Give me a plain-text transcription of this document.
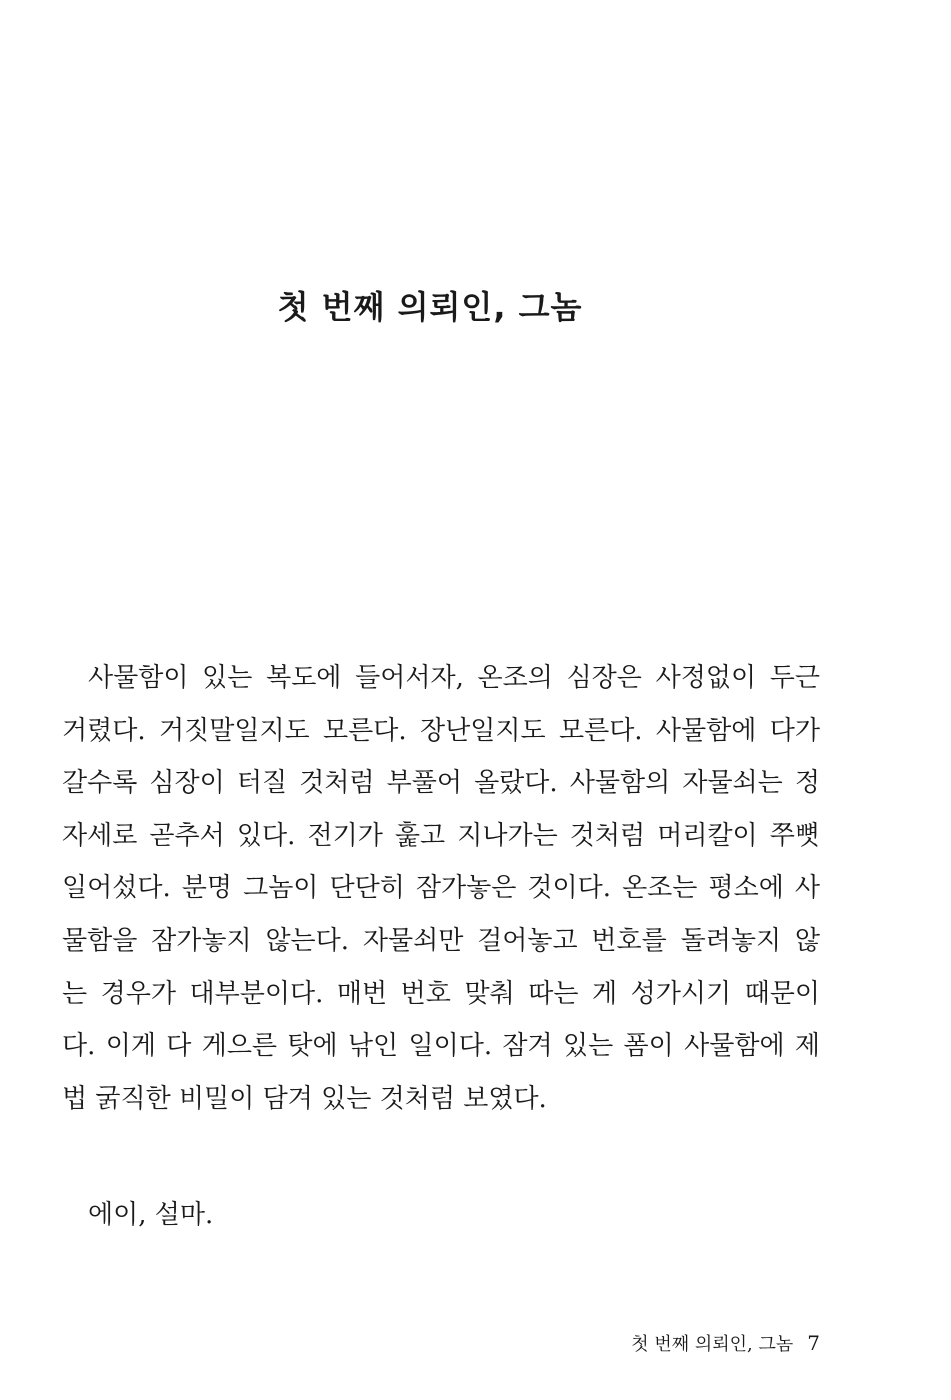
첫 번째 의뢰인, 그놈
사물함이 있는 복도에 들어서자, 온조의 심장은 사정없이 두근
거렸다. 거짓말일지도 모른다. 장난일지도 모른다. 사물함에 다가
갈수록 심장이 터질 것처럼 부풀어 올랐다. 사물함의 자물쇠는 정
자세로 곧추서 있다. 전기가 훑고 지나가는 것처럼 머리칼이 쭈뼛
일어섰다. 분명 그놈이 단단히 잠가놓은 것이다. 온조는 평소에 사
물함을 잠가놓지 않는다. 자물쇠만 걸어놓고 번호를 돌려놓지 않
는 경우가 대부분이다. 매번 번호 맞춰 따는 게 성가시기 때문이
다. 이게 다 게으른 탓에 낚인 일이다. 잠겨 있는 폼이 사물함에 제
법 굵직한 비밀이 담겨 있는 것처럼 보였다.
에이, 설마.
첫 번째 의뢰인, 그놈 7
